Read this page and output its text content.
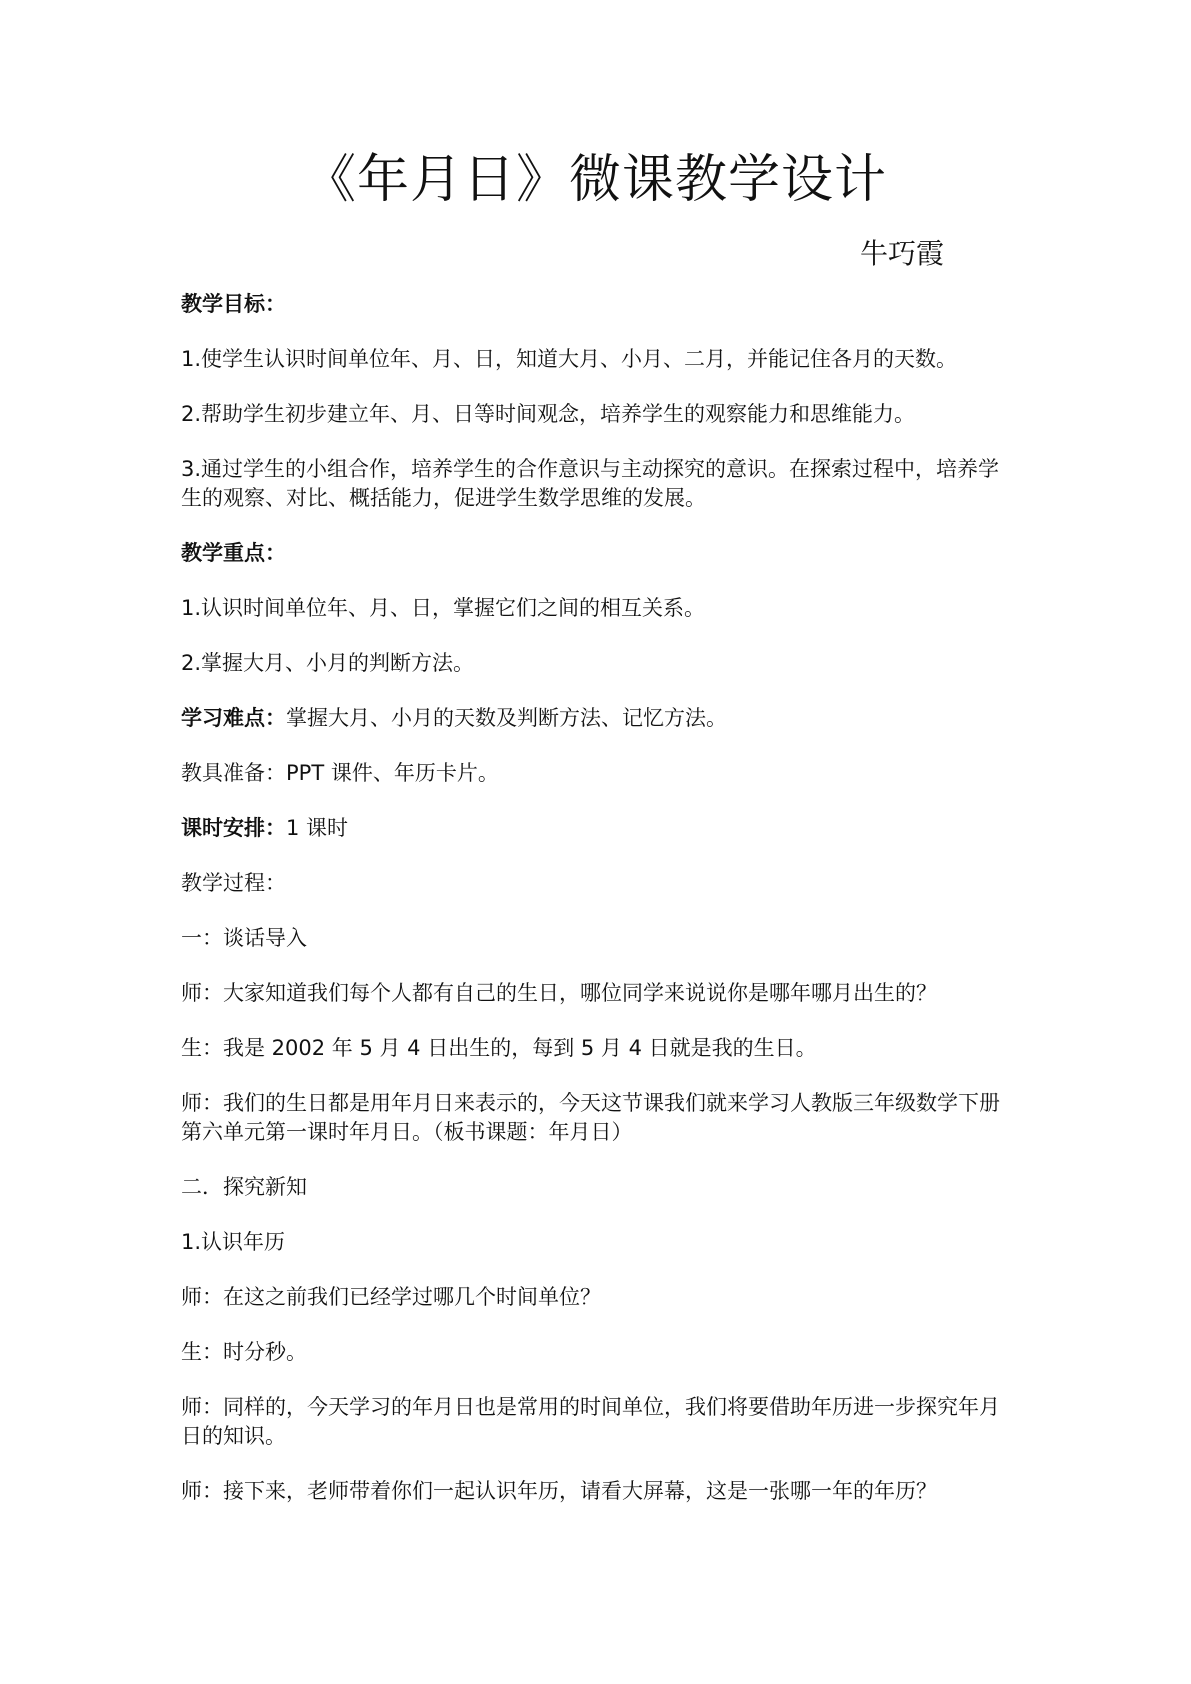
《年月日》微课教学设计
牛巧霞

教学目标：

1.使学生认识时间单位年、月、日，知道大月、小月、二月，并能记住各月的天数。

2.帮助学生初步建立年、月、日等时间观念，培养学生的观察能力和思维能力。

3.通过学生的小组合作，培养学生的合作意识与主动探究的意识。在探索过程中，培养学生的观察、对比、概括能力，促进学生数学思维的发展。

教学重点：

1.认识时间单位年、月、日，掌握它们之间的相互关系。

2.掌握大月、小月的判断方法。

学习难点：掌握大月、小月的天数及判断方法、记忆方法。

教具准备：PPT 课件、年历卡片。

课时安排：1 课时

教学过程：

一：谈话导入

师：大家知道我们每个人都有自己的生日，哪位同学来说说你是哪年哪月出生的？

生：我是 2002 年 5 月 4 日出生的，每到 5 月 4 日就是我的生日。

师：我们的生日都是用年月日来表示的，今天这节课我们就来学习人教版三年级数学下册第六单元第一课时年月日。（板书课题：年月日）

二．探究新知

1.认识年历

师：在这之前我们已经学过哪几个时间单位？

生：时分秒。

师：同样的，今天学习的年月日也是常用的时间单位，我们将要借助年历进一步探究年月日的知识。

师：接下来，老师带着你们一起认识年历，请看大屏幕，这是一张哪一年的年历？
